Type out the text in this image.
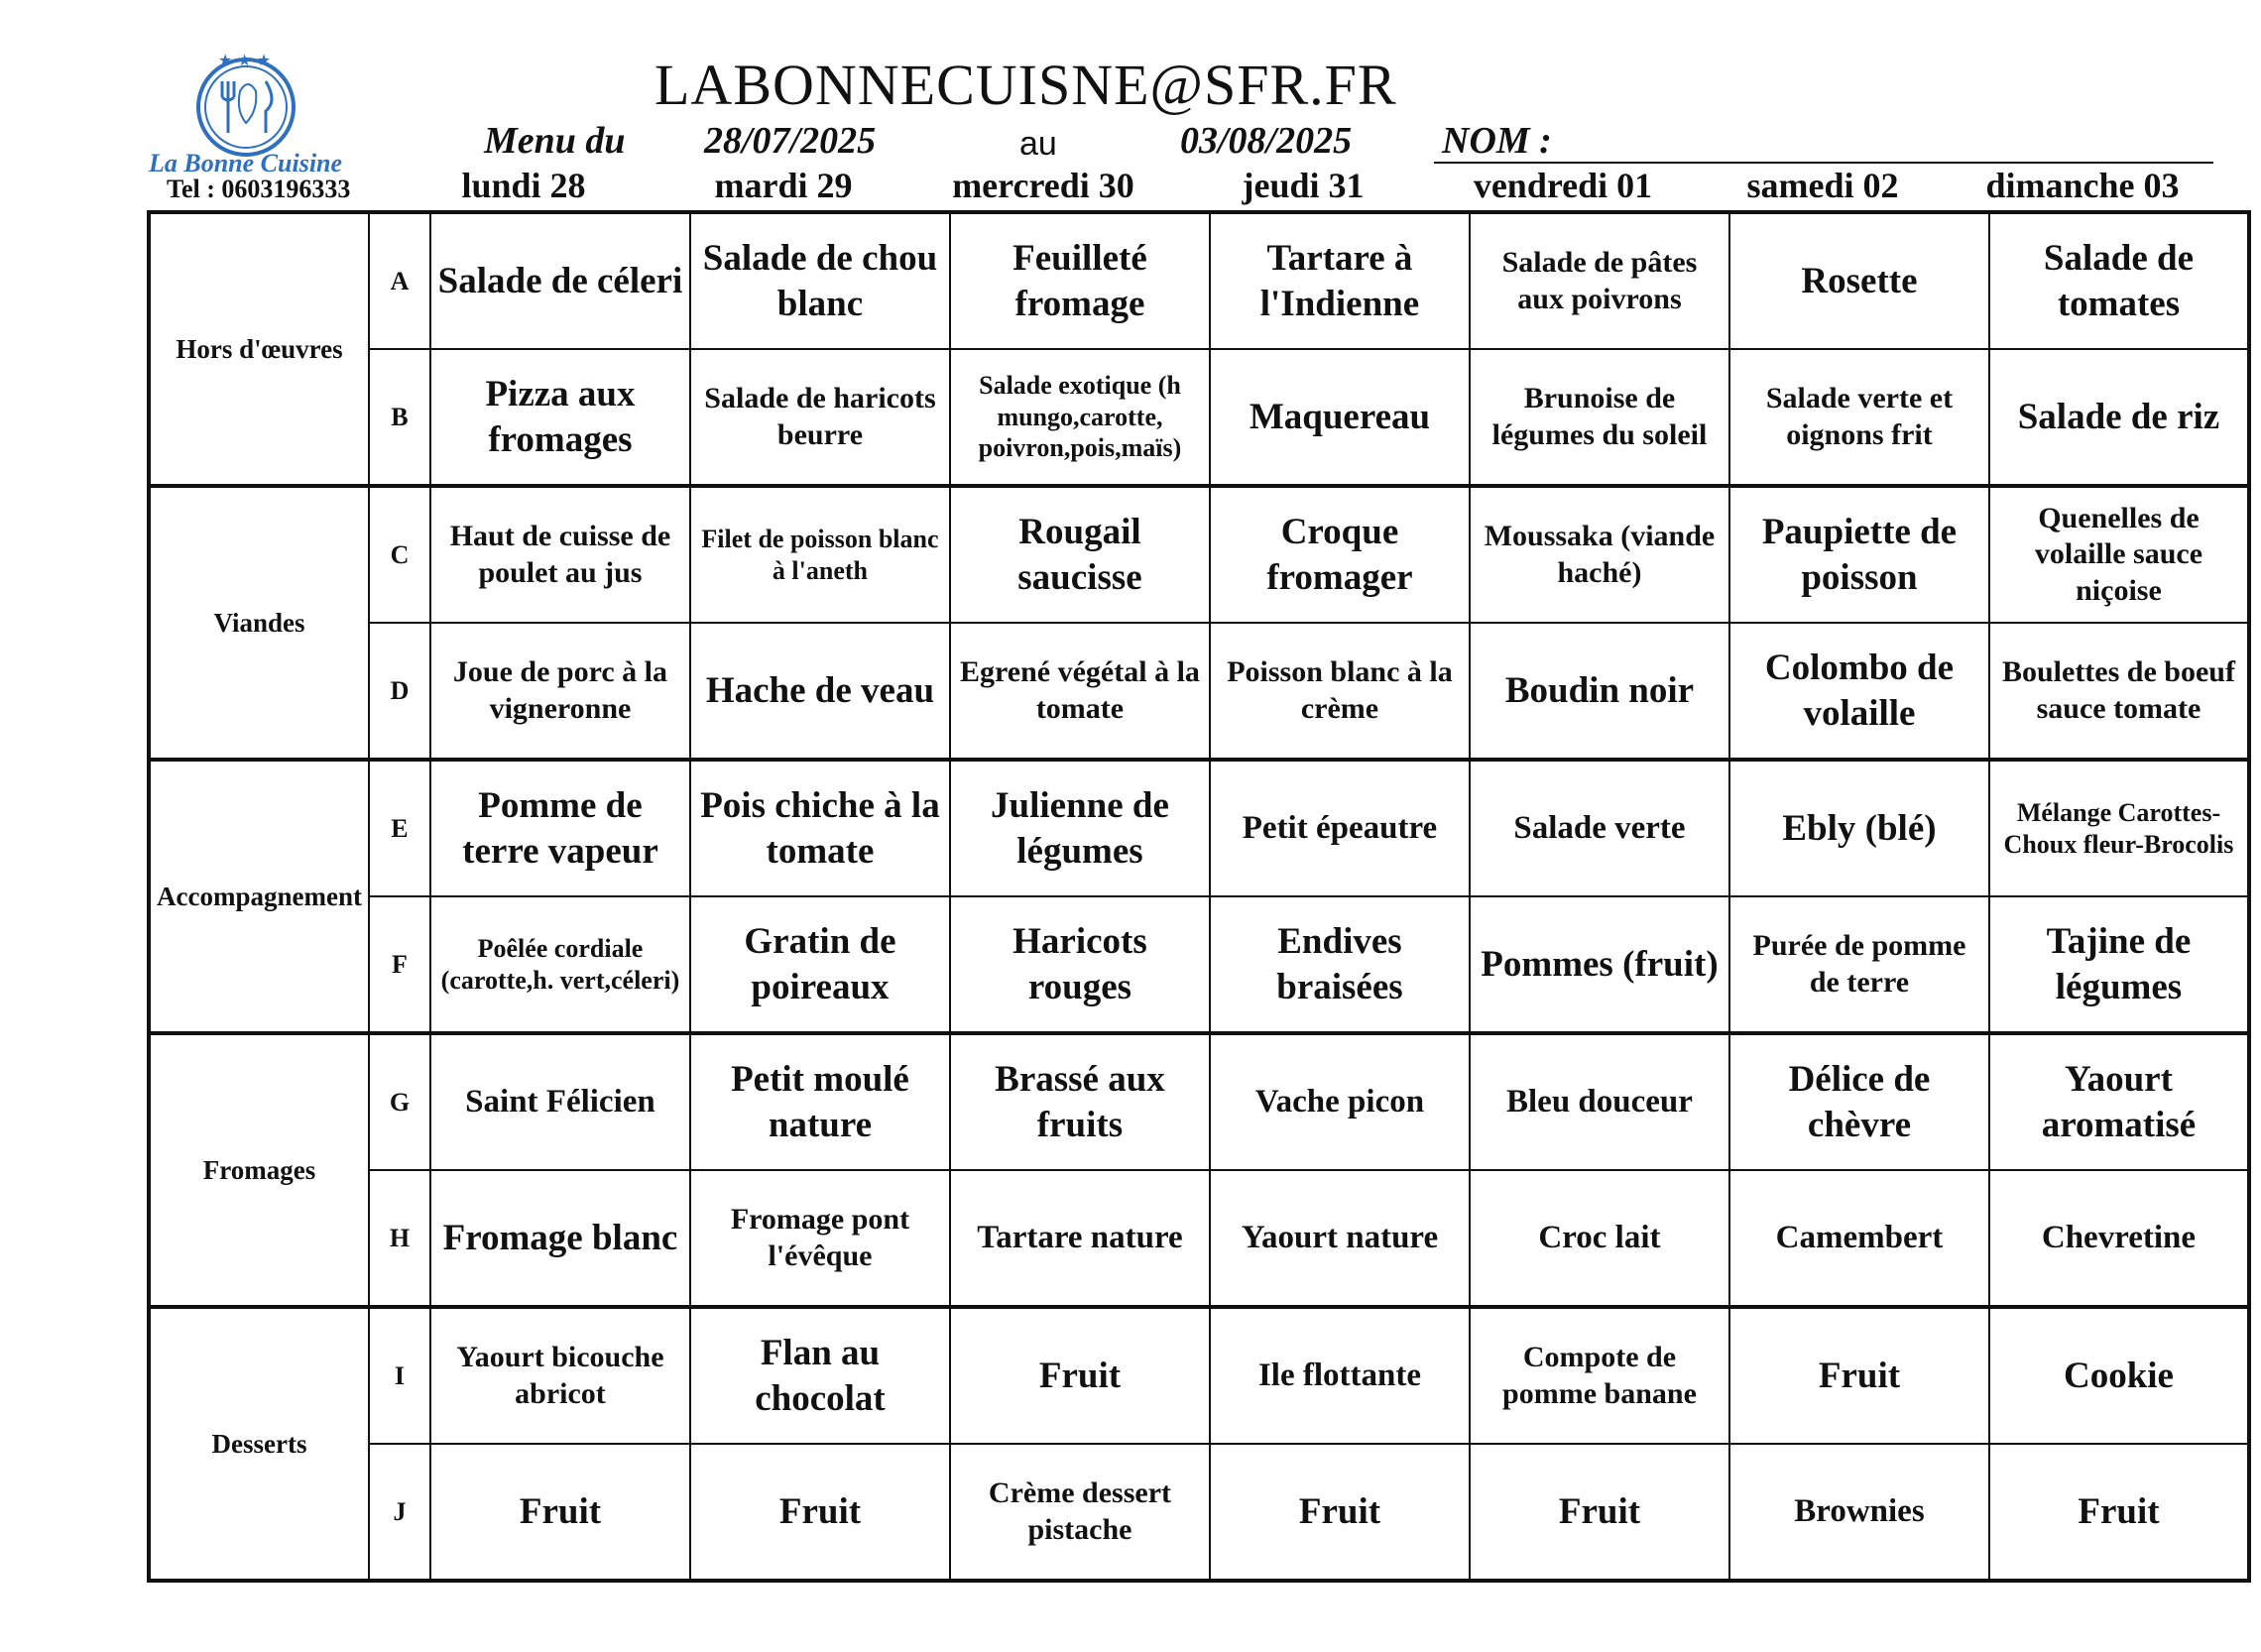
★ ★ ★
La Bonne Cuisine
Tel : 0603196333
LABONNECUISNE@SFR.FR
Menu du 28/07/2025	au	03/08/2025 NOM :
lundi 28	mardi 29	mercredi 30	jeudi 31	vendredi 01	samedi 02	dimanche 03
Hors d'œuvres	A	Salade de céleri	Salade de chou blanc	Feuilleté fromage	Tartare à l'Indienne	Salade de pâtes aux poivrons	Rosette	Salade de tomates
	B	Pizza aux fromages	Salade de haricots beurre	Salade exotique (h mungo,carotte, poivron,pois,maïs)	Maquereau	Brunoise de légumes du soleil	Salade verte et oignons frit	Salade de riz
Viandes	C	Haut de cuisse de poulet au jus	Filet de poisson blanc à l'aneth	Rougail saucisse	Croque fromager	Moussaka (viande haché)	Paupiette de poisson	Quenelles de volaille sauce niçoise
	D	Joue de porc à la vigneronne	Hache de veau	Egrené végétal à la tomate	Poisson blanc à la crème	Boudin noir	Colombo de volaille	Boulettes de boeuf sauce tomate
Accompagnement	E	Pomme de terre vapeur	Pois chiche à la tomate	Julienne de légumes	Petit épeautre	Salade verte	Ebly (blé)	Mélange Carottes-Choux fleur-Brocolis
	F	Poêlée cordiale (carotte,h. vert,céleri)	Gratin de poireaux	Haricots rouges	Endives braisées	Pommes (fruit)	Purée de pomme de terre	Tajine de légumes
Fromages	G	Saint Félicien	Petit moulé nature	Brassé aux fruits	Vache picon	Bleu douceur	Délice de chèvre	Yaourt aromatisé
	H	Fromage blanc	Fromage pont l'évêque	Tartare nature	Yaourt nature	Croc lait	Camembert	Chevretine
Desserts	I	Yaourt bicouche abricot	Flan au chocolat	Fruit	Ile flottante	Compote de pomme banane	Fruit	Cookie
	J	Fruit	Fruit	Crème dessert pistache	Fruit	Fruit	Brownies	Fruit
